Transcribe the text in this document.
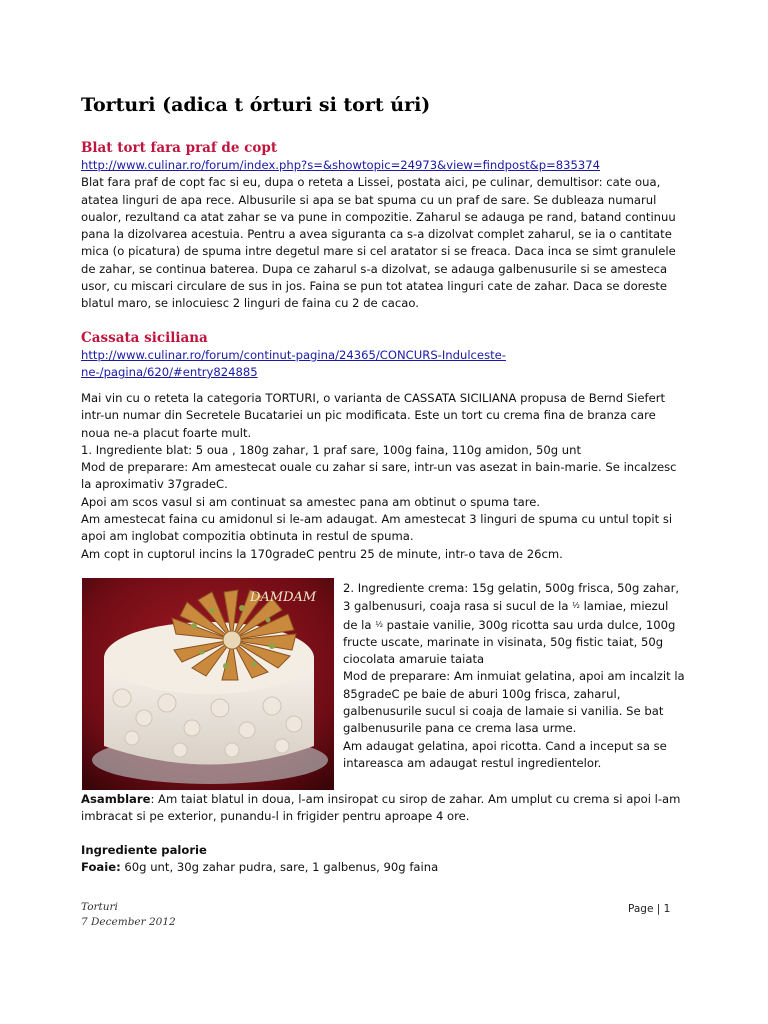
Torturi (adica t órturi si tort úri)
Blat tort fara praf de copt

http://www.culinar.ro/forum/index.php?s=&showtopic=24973&view=findpost&p=835374

Blat fara praf de copt fac si eu, dupa o reteta a Lissei, postata aici, pe culinar, demultisor: cate oua, atatea linguri de apa rece. Albusurile si apa se bat spuma cu un praf de sare. Se dubleaza numarul oualor, rezultand ca atat zahar se va pune in compozitie. Zaharul se adauga pe rand, batand continuu pana la dizolvarea acestuia. Pentru a avea siguranta ca s-a dizolvat complet zaharul, se ia o cantitate mica (o picatura) de spuma intre degetul mare si cel aratator si se freaca. Daca inca se simt granulele de zahar, se continua baterea. Dupa ce zaharul s-a dizolvat, se adauga galbenusurile si se amesteca usor, cu miscari circulare de sus in jos. Faina se pun tot atatea linguri cate de zahar. Daca se doreste blatul maro, se inlocuiesc 2 linguri de faina cu 2 de cacao.

Cassata siciliana

http://www.culinar.ro/forum/continut-pagina/24365/CONCURS-Indulceste-

ne-/pagina/620/#entry824885

Mai vin cu o reteta la categoria TORTURI, o varianta de CASSATA SICILIANA propusa de Bernd Siefert intr-un numar din Secretele Bucatariei un pic modificata. Este un tort cu crema fina de branza care noua ne-a placut foarte mult.

1. Ingrediente blat: 5 oua , 180g zahar, 1 praf sare, 100g faina, 110g amidon, 50g unt

Mod de preparare: Am amestecat ouale cu zahar si sare, intr-un vas asezat in bain-marie. Se incalzesc la aproximativ 37gradeC.

Apoi am scos vasul si am continuat sa amestec pana am obtinut o spuma tare.

Am amestecat faina cu amidonul si le-am adaugat. Am amestecat 3 linguri de spuma cu untul topit si apoi am inglobat compozitia obtinuta in restul de spuma.

Am copt in cuptorul incins la 170gradeC pentru 25 de minute, intr-o tava de 26cm.

DAMDAM

2. Ingrediente crema: 15g gelatin, 500g frisca, 50g zahar, 3 galbenusuri, coaja rasa si sucul de la ½ lamiae, miezul de la ½ pastaie vanilie, 300g ricotta sau urda dulce, 100g fructe uscate, marinate in visinata, 50g fistic taiat, 50g ciocolata amaruie taiata

Mod de preparare: Am inmuiat gelatina, apoi am incalzit la 85gradeC pe baie de aburi 100g frisca, zaharul, galbenusurile sucul si coaja de lamaie si vanilia. Se bat galbenusurile pana ce crema lasa urme.

Am adaugat gelatina, apoi ricotta. Cand a inceput sa se intareasca am adaugat restul ingredientelor.

Asamblare: Am taiat blatul in doua, l-am insiropat cu sirop de zahar. Am umplut cu crema si apoi l-am imbracat si pe exterior, punandu-l in frigider pentru aproape 4 ore.

Ingrediente palorie

Foaie: 60g unt, 30g zahar pudra, sare, 1 galbenus, 90g faina

Torturi
7 December 2012
Page | 1
